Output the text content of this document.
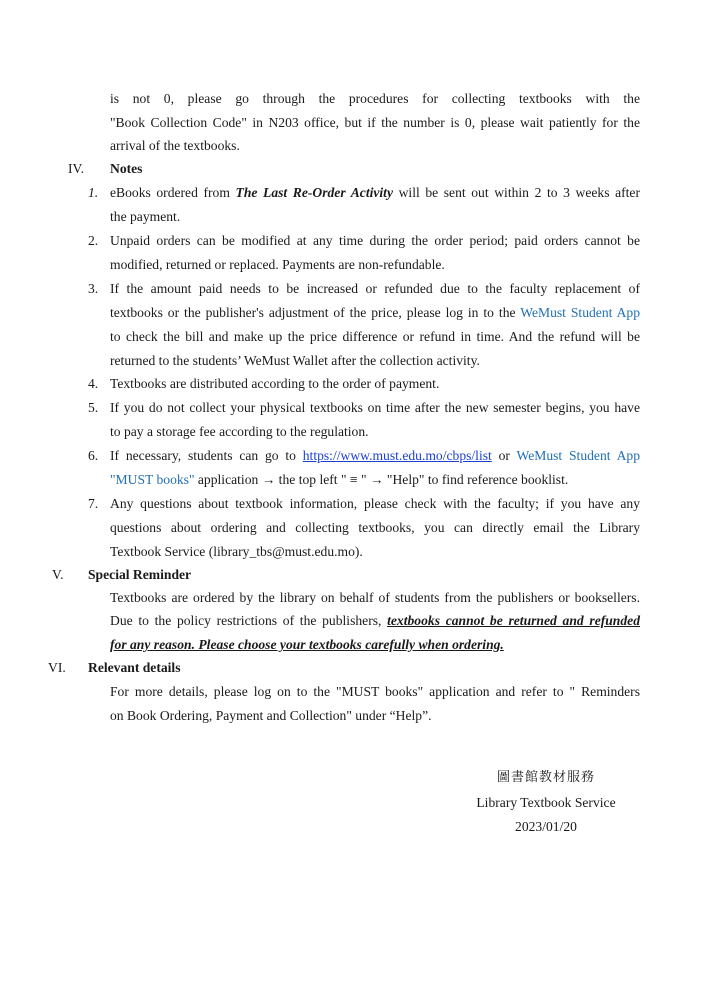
is not 0, please go through the procedures for collecting textbooks with the
"Book Collection Code" in N203 office, but if the number is 0, please wait patiently for the
arrival of the textbooks.
IV. Notes
1. eBooks ordered from The Last Re-Order Activity will be sent out within 2 to 3 weeks after
the payment.
2. Unpaid orders can be modified at any time during the order period; paid orders cannot be
modified, returned or replaced. Payments are non-refundable.
3. If the amount paid needs to be increased or refunded due to the faculty replacement of
textbooks or the publisher's adjustment of the price, please log in to the WeMust Student App
to check the bill and make up the price difference or refund in time. And the refund will be
returned to the students’ WeMust Wallet after the collection activity.
4. Textbooks are distributed according to the order of payment.
5. If you do not collect your physical textbooks on time after the new semester begins, you have
to pay a storage fee according to the regulation.
6. If necessary, students can go to https://www.must.edu.mo/cbps/list or WeMust Student App
"MUST books" application → the top left " ≡ " → "Help" to find reference booklist.
7. Any questions about textbook information, please check with the faculty; if you have any
questions about ordering and collecting textbooks, you can directly email the Library
Textbook Service (library_tbs@must.edu.mo).
V. Special Reminder
Textbooks are ordered by the library on behalf of students from the publishers or booksellers.
Due to the policy restrictions of the publishers, textbooks cannot be returned and refunded
for any reason. Please choose your textbooks carefully when ordering.
VI. Relevant details
For more details, please log on to the "MUST books" application and refer to " Reminders
on Book Ordering, Payment and Collection" under “Help”.
圖書館教材服務
Library Textbook Service
2023/01/20
